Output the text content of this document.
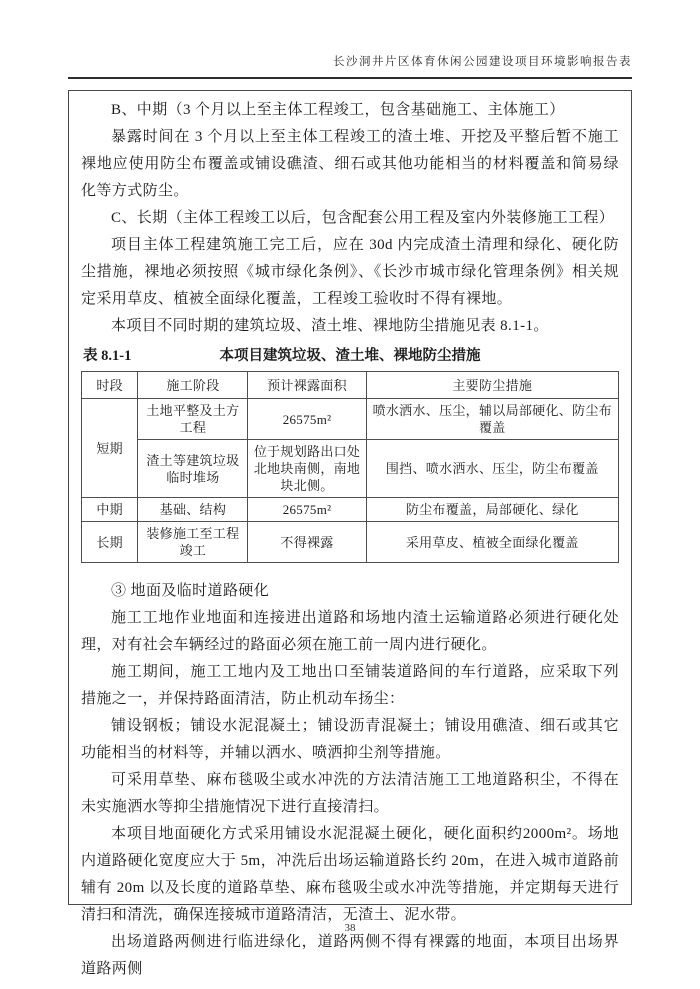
长沙洞井片区体育休闲公园建设项目环境影响报告表

B、中期（3 个月以上至主体工程竣工，包含基础施工、主体施工）

暴露时间在 3 个月以上至主体工程竣工的渣土堆、开挖及平整后暂不施工裸地应使用防尘布覆盖或铺设礁渣、细石或其他功能相当的材料覆盖和简易绿化等方式防尘。

C、长期（主体工程竣工以后，包含配套公用工程及室内外装修施工工程）

项目主体工程建筑施工完工后，应在 30d 内完成渣土清理和绿化、硬化防尘措施，裸地必须按照《城市绿化条例》、《长沙市城市绿化管理条例》相关规定采用草皮、植被全面绿化覆盖，工程竣工验收时不得有裸地。

本项目不同时期的建筑垃圾、渣土堆、裸地防尘措施见表 8.1-1。

表 8.1-1	本项目建筑垃圾、渣土堆、裸地防尘措施
时段	施工阶段	预计裸露面积	主要防尘措施
短期	土地平整及土方工程	26575m²	喷水洒水、压尘，辅以局部硬化、防尘布覆盖
	渣土等建筑垃圾临时堆场	位于规划路出口处北地块南侧，南地块北侧。	围挡、喷水洒水、压尘，防尘布覆盖
中期	基础、结构	26575m²	防尘布覆盖，局部硬化、绿化
长期	装修施工至工程竣工	不得裸露	采用草皮、植被全面绿化覆盖

③ 地面及临时道路硬化

施工工地作业地面和连接进出道路和场地内渣土运输道路必须进行硬化处理，对有社会车辆经过的路面必须在施工前一周内进行硬化。

施工期间，施工工地内及工地出口至铺装道路间的车行道路，应采取下列措施之一，并保持路面清洁，防止机动车扬尘：

铺设钢板；铺设水泥混凝土；铺设沥青混凝土；铺设用礁渣、细石或其它功能相当的材料等，并辅以洒水、喷洒抑尘剂等措施。

可采用草垫、麻布毯吸尘或水冲洗的方法清洁施工工地道路积尘，不得在未实施洒水等抑尘措施情况下进行直接清扫。

本项目地面硬化方式采用铺设水泥混凝土硬化，硬化面积约2000m²。场地内道路硬化宽度应大于 5m，冲洗后出场运输道路长约 20m，在进入城市道路前辅有 20m 以及长度的道路草垫、麻布毯吸尘或水冲洗等措施，并定期每天进行清扫和清洗，确保连接城市道路清洁，无渣土、泥水带。

出场道路两侧进行临进绿化，道路两侧不得有裸露的地面，本项目出场界道路两侧

38
